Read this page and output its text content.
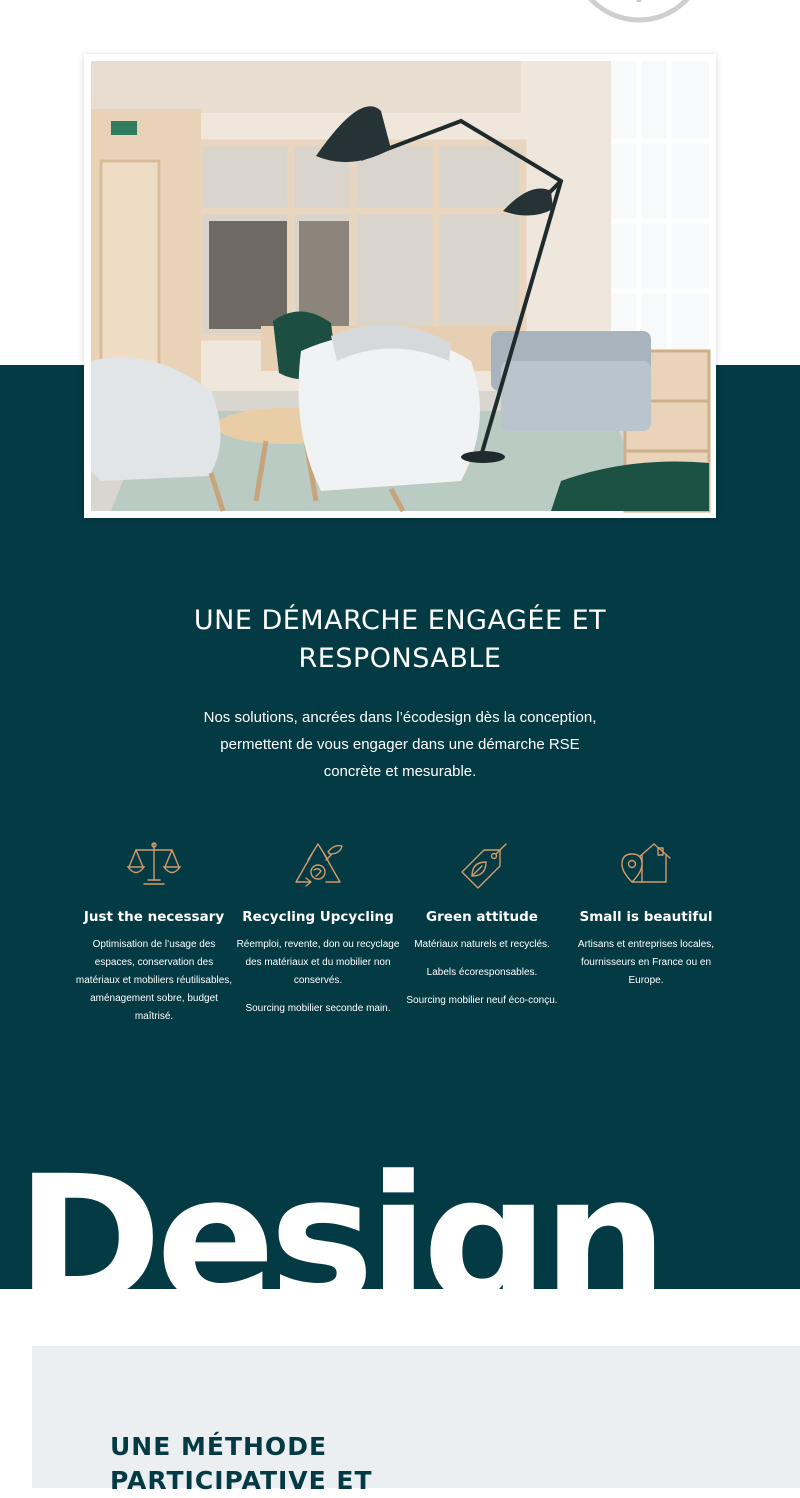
UNE DÉMARCHE ENGAGÉE ET RESPONSABLE

Nos solutions, ancrées dans l’écodesign dès la conception, permettent de vous engager dans une démarche RSE concrète et mesurable.

Just the necessary

Optimisation de l’usage des espaces, conservation des matériaux et mobiliers réutilisables, aménagement sobre, budget maîtrisé.

Recycling Upcycling

Réemploi, revente, don ou recyclage des matériaux et du mobilier non conservés.

Sourcing mobilier seconde main.

Green attitude

Matériaux naturels et recyclés.

Labels écoresponsables.

Sourcing mobilier neuf éco-conçu.

Small is beautiful

Artisans et entreprises locales, fournisseurs en France ou en Europe.

Design
UNE MÉTHODE
PARTICIPATIVE ET
